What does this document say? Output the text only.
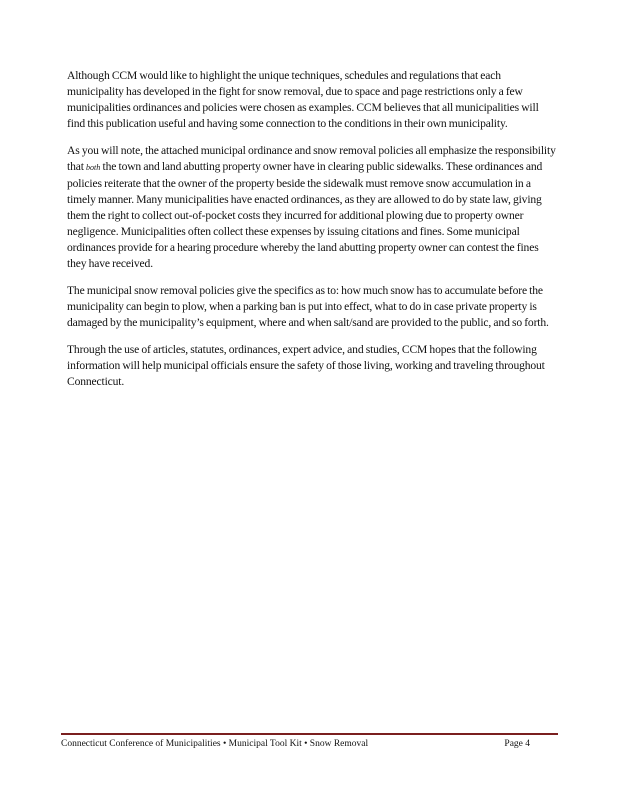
Although CCM would like to highlight the unique techniques, schedules and regulations that each municipality has developed in the fight for snow removal, due to space and page restrictions only a few municipalities ordinances and policies were chosen as examples. CCM believes that all municipalities will find this publication useful and having some connection to the conditions in their own municipality.

As you will note, the attached municipal ordinance and snow removal policies all emphasize the responsibility that both the town and land abutting property owner have in clearing public sidewalks. These ordinances and policies reiterate that the owner of the property beside the sidewalk must remove snow accumulation in a timely manner. Many municipalities have enacted ordinances, as they are allowed to do by state law, giving them the right to collect out-of-pocket costs they incurred for additional plowing due to property owner negligence. Municipalities often collect these expenses by issuing citations and fines. Some municipal ordinances provide for a hearing procedure whereby the land abutting property owner can contest the fines they have received.

The municipal snow removal policies give the specifics as to: how much snow has to accumulate before the municipality can begin to plow, when a parking ban is put into effect, what to do in case private property is damaged by the municipality’s equipment, where and when salt/sand are provided to the public, and so forth.

Through the use of articles, statutes, ordinances, expert advice, and studies, CCM hopes that the following information will help municipal officials ensure the safety of those living, working and traveling throughout Connecticut.

Connecticut Conference of Municipalities • Municipal Tool Kit • Snow Removal	Page 4
